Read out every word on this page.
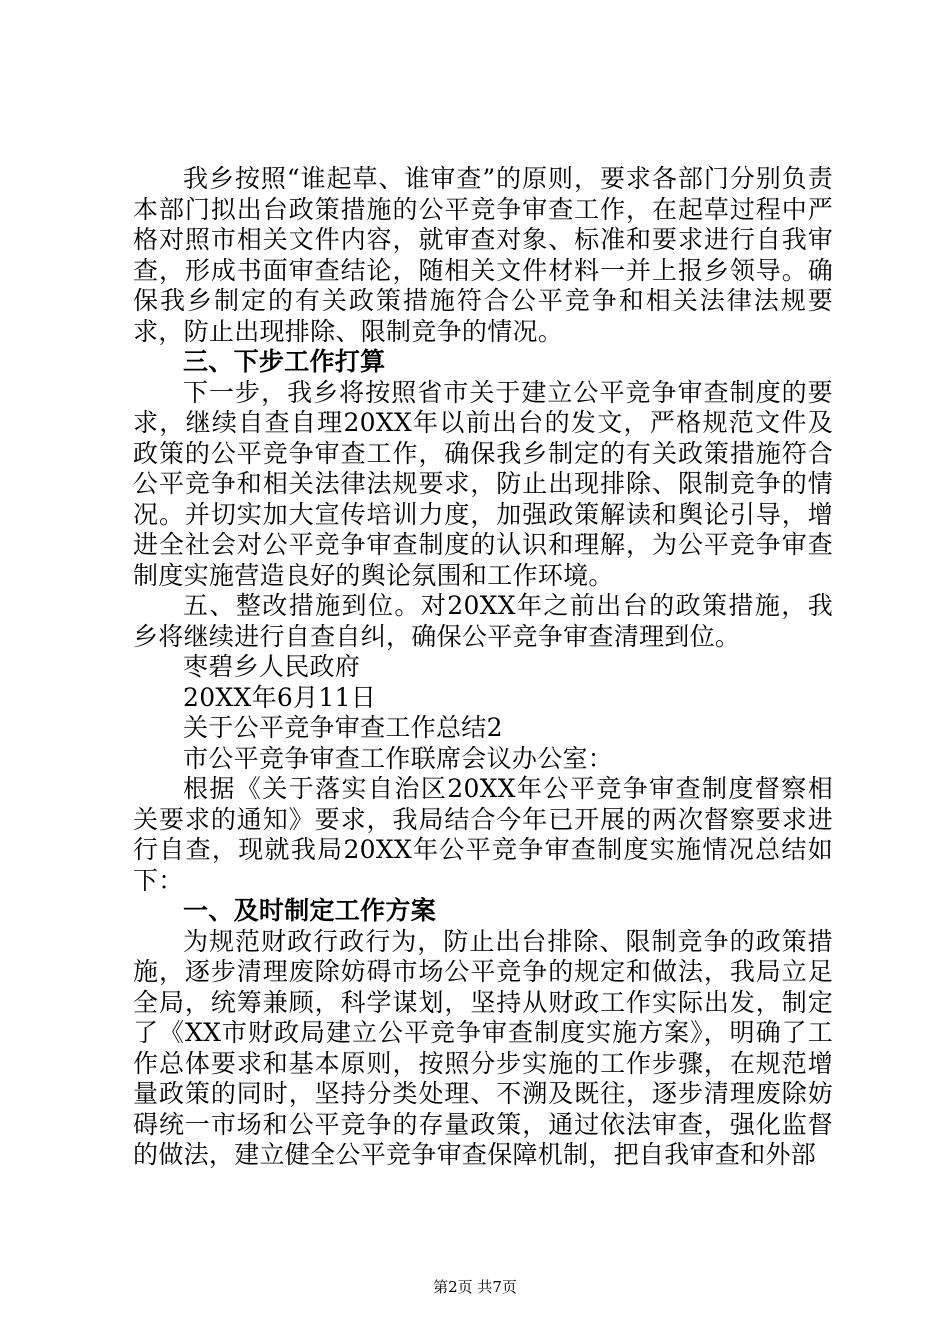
我乡按照“谁起草、谁审查”的原则，要求各部门分别负责本部门拟出台政策措施的公平竞争审查工作，在起草过程中严格对照市相关文件内容，就审查对象、标准和要求进行自我审查，形成书面审查结论，随相关文件材料一并上报乡领导。确保我乡制定的有关政策措施符合公平竞争和相关法律法规要求，防止出现排除、限制竞争的情况。

三、下步工作打算

下一步，我乡将按照省市关于建立公平竞争审查制度的要求，继续自查自理20XX年以前出台的发文，严格规范文件及政策的公平竞争审查工作，确保我乡制定的有关政策措施符合公平竞争和相关法律法规要求，防止出现排除、限制竞争的情况。并切实加大宣传培训力度，加强政策解读和舆论引导，增进全社会对公平竞争审查制度的认识和理解，为公平竞争审查制度实施营造良好的舆论氛围和工作环境。

五、整改措施到位。对20XX年之前出台的政策措施，我乡将继续进行自查自纠，确保公平竞争审查清理到位。

枣碧乡人民政府

20XX年6月11日

关于公平竞争审查工作总结2

市公平竞争审查工作联席会议办公室：

根据《关于落实自治区20XX年公平竞争审查制度督察相关要求的通知》要求，我局结合今年已开展的两次督察要求进行自查，现就我局20XX年公平竞争审查制度实施情况总结如下：

一、及时制定工作方案

为规范财政行政行为，防止出台排除、限制竞争的政策措施，逐步清理废除妨碍市场公平竞争的规定和做法，我局立足全局，统筹兼顾，科学谋划，坚持从财政工作实际出发，制定了《XX市财政局建立公平竞争审查制度实施方案》，明确了工作总体要求和基本原则，按照分步实施的工作步骤，在规范增量政策的同时，坚持分类处理、不溯及既往，逐步清理废除妨碍统一市场和公平竞争的存量政策，通过依法审查，强化监督的做法，建立健全公平竞争审查保障机制，把自我审查和外部

第2页 共7页
